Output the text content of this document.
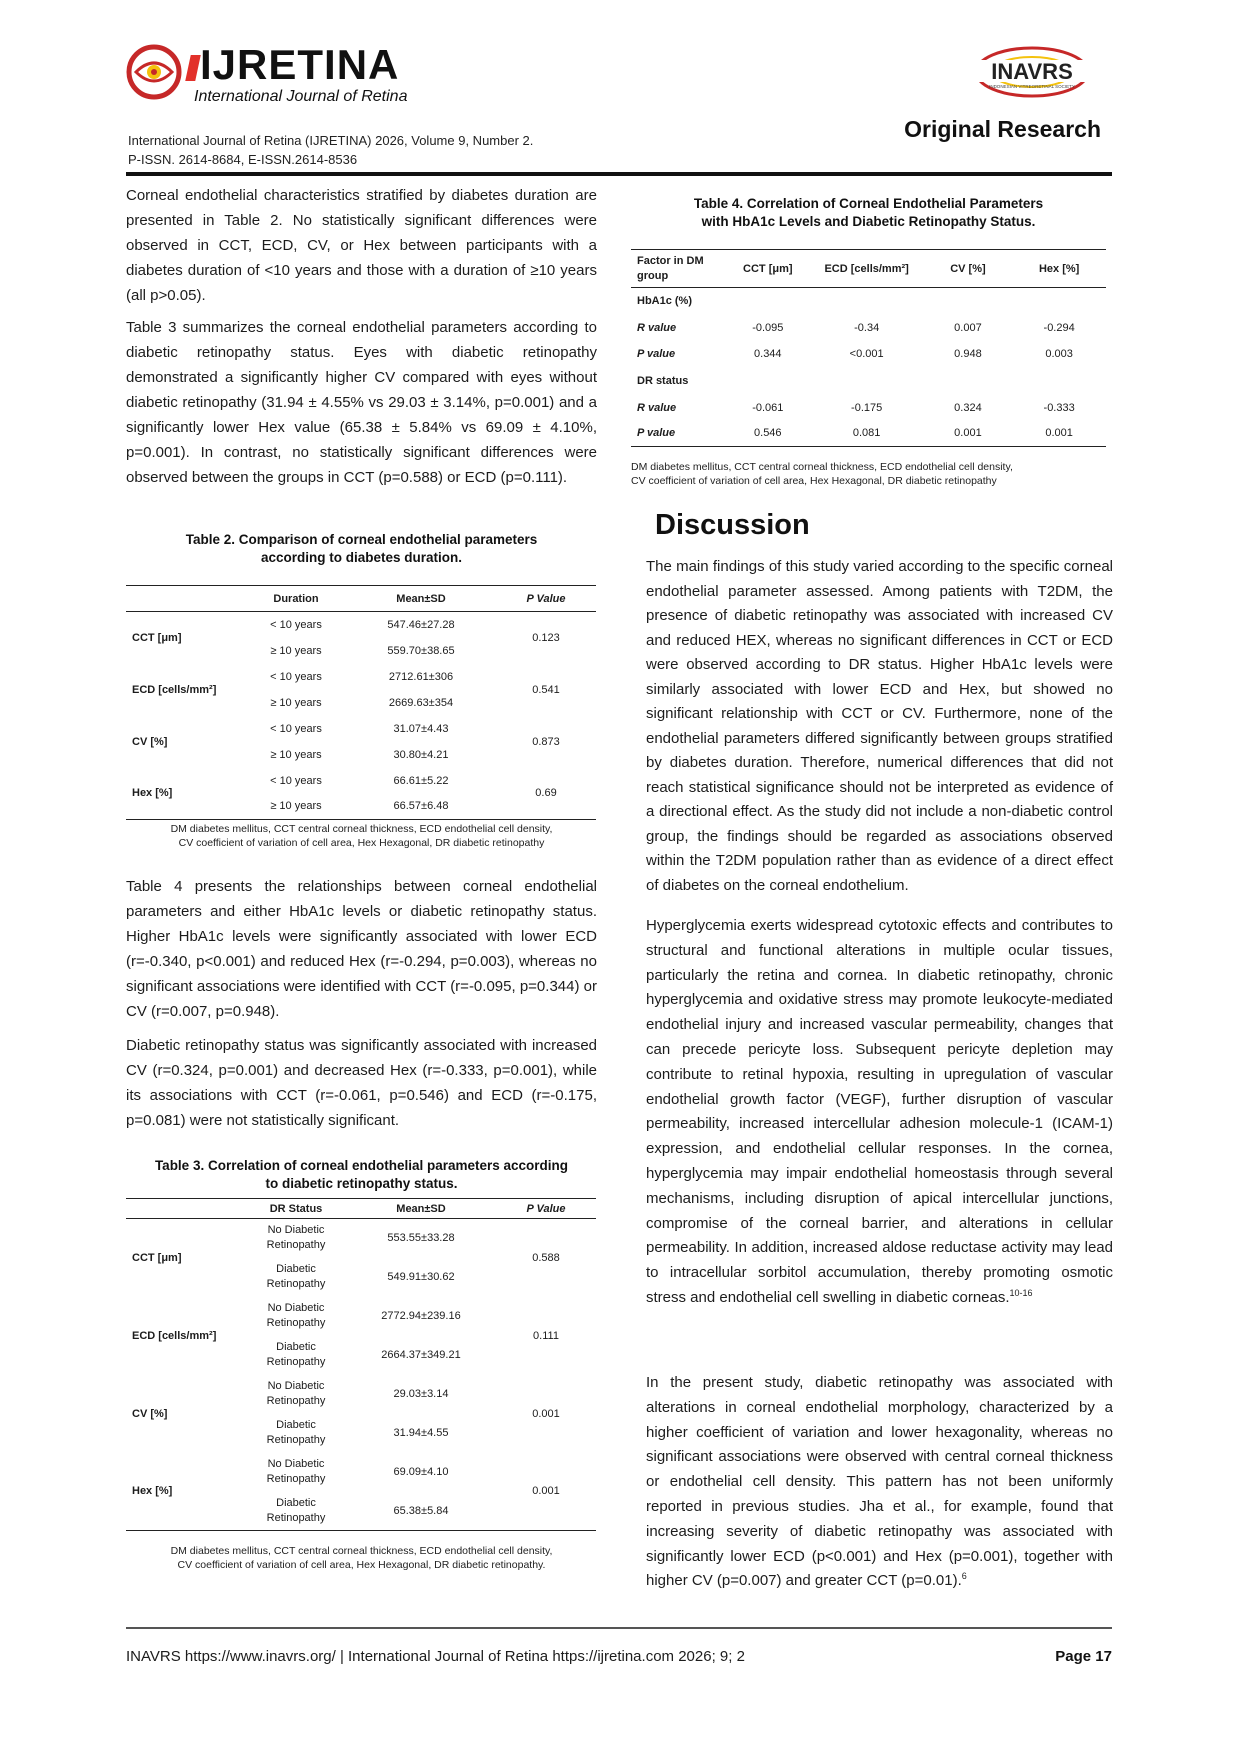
IJRETINA
International Journal of Retina
INAVRS
INDONESIAN VITREORETINAL SOCIETY
International Journal of Retina (IJRETINA) 2026, Volume 9, Number 2.
P-ISSN. 2614-8684, E-ISSN.2614-8536
Original Research

Corneal endothelial characteristics stratified by diabetes duration are presented in Table 2. No statistically significant differences were observed in CCT, ECD, CV, or Hex between participants with a diabetes duration of <10 years and those with a duration of ≥10 years (all p>0.05).

Table 3 summarizes the corneal endothelial parameters according to diabetic retinopathy status. Eyes with diabetic retinopathy demonstrated a significantly higher CV compared with eyes without diabetic retinopathy (31.94 ± 4.55% vs 29.03 ± 3.14%, p=0.001) and a significantly lower Hex value (65.38 ± 5.84% vs 69.09 ± 4.10%, p=0.001). In contrast, no statistically significant differences were observed between the groups in CCT (p=0.588) or ECD (p=0.111).

Table 2. Comparison of corneal endothelial parameters
according to diabetes duration.
	Duration	Mean±SD	P Value
CCT [μm]	< 10 years	547.46±27.28	0.123
	≥ 10 years	559.70±38.65	
ECD [cells/mm²]	< 10 years	2712.61±306	0.541
	≥ 10 years	2669.63±354	
CV [%]	< 10 years	31.07±4.43	0.873
	≥ 10 years	30.80±4.21	
Hex [%]	< 10 years	66.61±5.22	0.69
	≥ 10 years	66.57±6.48	
DM diabetes mellitus, CCT central corneal thickness, ECD endothelial cell density,
CV coefficient of variation of cell area, Hex Hexagonal, DR diabetic retinopathy

Table 4 presents the relationships between corneal endothelial parameters and either HbA1c levels or diabetic retinopathy status. Higher HbA1c levels were significantly associated with lower ECD (r=-0.340, p<0.001) and reduced Hex (r=-0.294, p=0.003), whereas no significant associations were identified with CCT (r=-0.095, p=0.344) or CV (r=0.007, p=0.948).

Diabetic retinopathy status was significantly associated with increased CV (r=0.324, p=0.001) and decreased Hex (r=-0.333, p=0.001), while its associations with CCT (r=-0.061, p=0.546) and ECD (r=-0.175, p=0.081) were not statistically significant.

Table 3. Correlation of corneal endothelial parameters according
to diabetic retinopathy status.
	DR Status	Mean±SD	P Value
CCT [μm]	No Diabetic Retinopathy	553.55±33.28	0.588
	Diabetic Retinopathy	549.91±30.62	
ECD [cells/mm²]	No Diabetic Retinopathy	2772.94±239.16	0.111
	Diabetic Retinopathy	2664.37±349.21	
CV [%]	No Diabetic Retinopathy	29.03±3.14	0.001
	Diabetic Retinopathy	31.94±4.55	
Hex [%]	No Diabetic Retinopathy	69.09±4.10	0.001
	Diabetic Retinopathy	65.38±5.84	
DM diabetes mellitus, CCT central corneal thickness, ECD endothelial cell density,
CV coefficient of variation of cell area, Hex Hexagonal, DR diabetic retinopathy.
Table 4. Correlation of Corneal Endothelial Parameters
with HbA1c Levels and Diabetic Retinopathy Status.
Factor in DM group	CCT [μm]	ECD [cells/mm²]	CV [%]	Hex [%]
HbA1c (%)				
R value	-0.095	-0.34	0.007	-0.294
P value	0.344	<0.001	0.948	0.003
DR status				
R value	-0.061	-0.175	0.324	-0.333
P value	0.546	0.081	0.001	0.001
DM diabetes mellitus, CCT central corneal thickness, ECD endothelial cell density,
CV coefficient of variation of cell area, Hex Hexagonal, DR diabetic retinopathy
Discussion

The main findings of this study varied according to the specific corneal endothelial parameter assessed. Among patients with T2DM, the presence of diabetic retinopathy was associated with increased CV and reduced HEX, whereas no significant differences in CCT or ECD were observed according to DR status. Higher HbA1c levels were similarly associated with lower ECD and Hex, but showed no significant relationship with CCT or CV. Furthermore, none of the endothelial parameters differed significantly between groups stratified by diabetes duration. Therefore, numerical differences that did not reach statistical significance should not be interpreted as evidence of a directional effect. As the study did not include a non-diabetic control group, the findings should be regarded as associations observed within the T2DM population rather than as evidence of a direct effect of diabetes on the corneal endothelium.

Hyperglycemia exerts widespread cytotoxic effects and contributes to structural and functional alterations in multiple ocular tissues, particularly the retina and cornea. In diabetic retinopathy, chronic hyperglycemia and oxidative stress may promote leukocyte-mediated endothelial injury and increased vascular permeability, changes that can precede pericyte loss. Subsequent pericyte depletion may contribute to retinal hypoxia, resulting in upregulation of vascular endothelial growth factor (VEGF), further disruption of vascular permeability, increased intercellular adhesion molecule-1 (ICAM-1) expression, and endothelial cellular responses. In the cornea, hyperglycemia may impair endothelial homeostasis through several mechanisms, including disruption of apical intercellular junctions, compromise of the corneal barrier, and alterations in cellular permeability. In addition, increased aldose reductase activity may lead to intracellular sorbitol accumulation, thereby promoting osmotic stress and endothelial cell swelling in diabetic corneas.$^{10-16}$

In the present study, diabetic retinopathy was associated with alterations in corneal endothelial morphology, characterized by a higher coefficient of variation and lower hexagonality, whereas no significant associations were observed with central corneal thickness or endothelial cell density. This pattern has not been uniformly reported in previous studies. Jha et al., for example, found that increasing severity of diabetic retinopathy was associated with significantly lower ECD (p<0.001) and Hex (p=0.001), together with higher CV (p=0.007) and greater CCT (p=0.01).$^6$

INAVRS https://www.inavrs.org/ | International Journal of Retina https://ijretina.com 2026; 9; 2	Page 17
